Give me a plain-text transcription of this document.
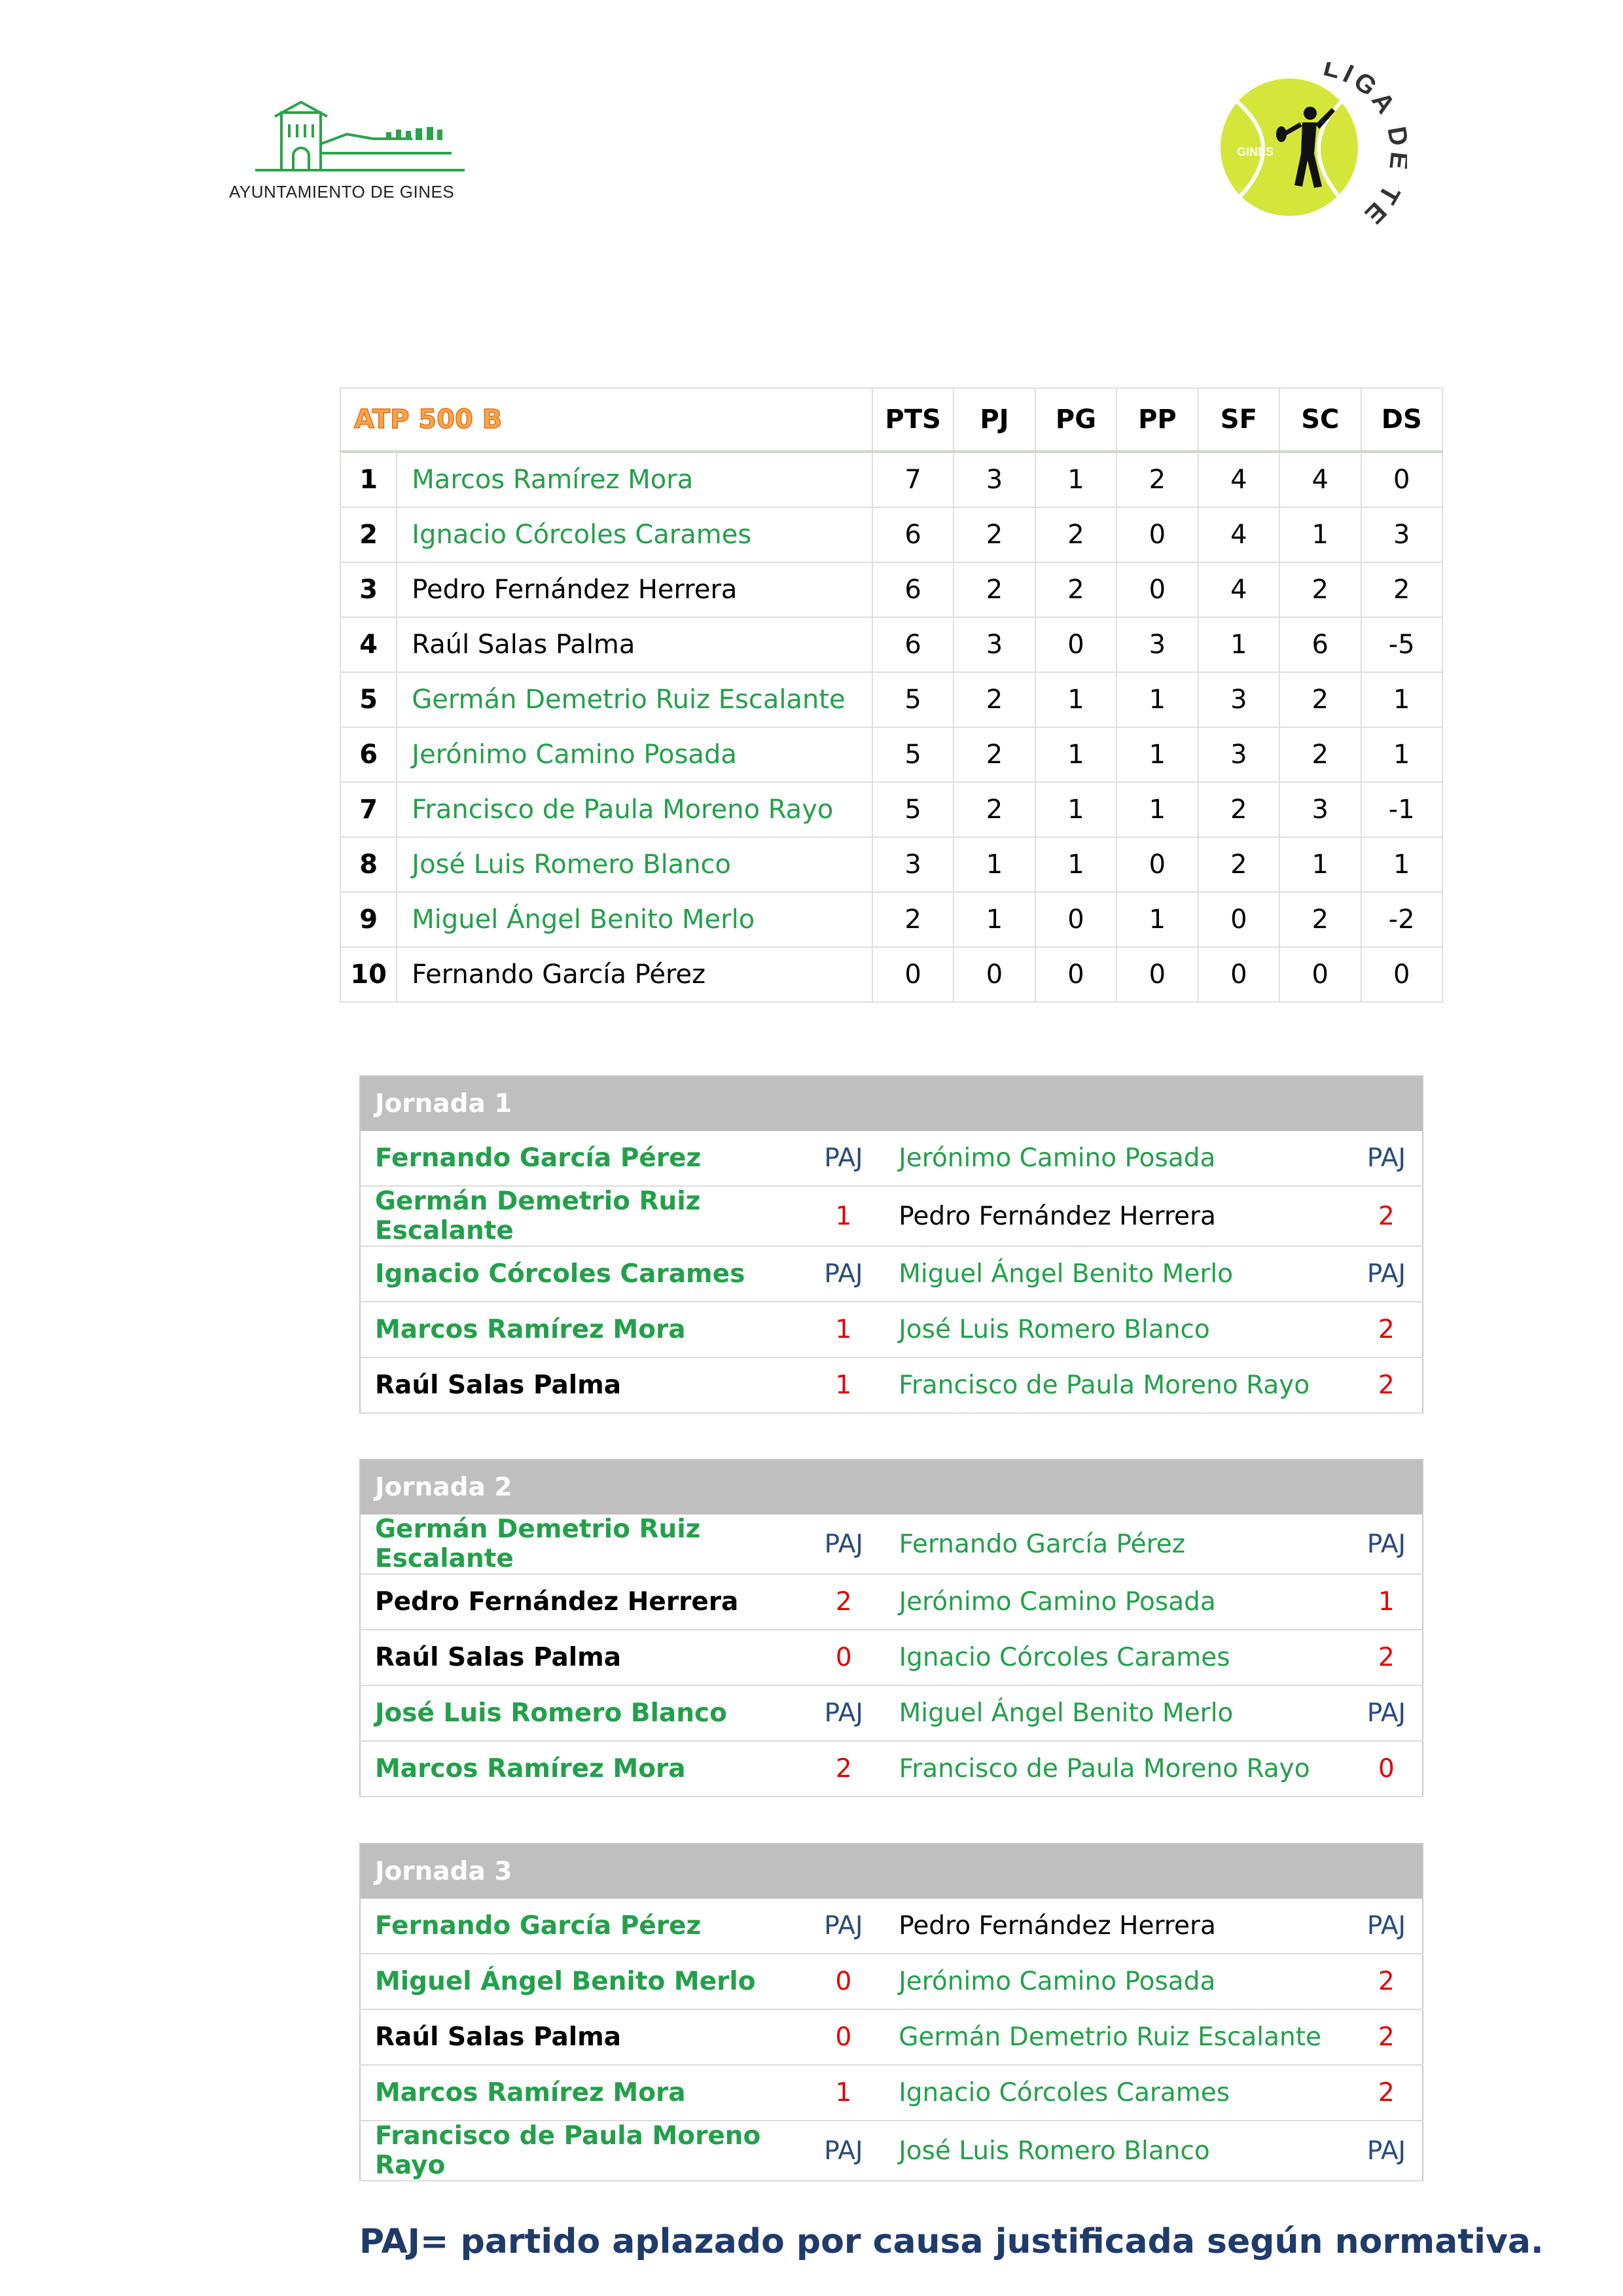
AYUNTAMIENTO DE GINES
GINES
LIGA TE
ATP 500 B		PTS	PJ	PG	PP	SF	SC	DS
1	Marcos Ramírez Mora	7	3	1	2	4	4	0
2	Ignacio Córcoles Carames	6	2	2	0	4	1	3
3	Pedro Fernández Herrera	6	2	2	0	4	2	2
4	Raúl Salas Palma	6	3	0	3	1	6	-5
5	Germán Demetrio Ruiz Escalante	5	2	1	1	3	2	1
6	Jerónimo Camino Posada	5	2	1	1	3	2	1
7	Francisco de Paula Moreno Rayo	5	2	1	1	2	3	-1
8	José Luis Romero Blanco	3	1	1	0	2	1	1
9	Miguel Ángel Benito Merlo	2	1	0	1	0	2	-2
10	Fernando García Pérez	0	0	0	0	0	0	0
Jornada 1			
Fernando García Pérez	PAJ	Jerónimo Camino Posada	PAJ
Germán Demetrio Ruiz Escalante	1	Pedro Fernández Herrera	2
Ignacio Córcoles Carames	PAJ	Miguel Ángel Benito Merlo	PAJ
Marcos Ramírez Mora	1	José Luis Romero Blanco	2
Raúl Salas Palma	1	Francisco de Paula Moreno Rayo	2
Jornada 2			
Germán Demetrio Ruiz Escalante	PAJ	Fernando García Pérez	PAJ
Pedro Fernández Herrera	2	Jerónimo Camino Posada	1
Raúl Salas Palma	0	Ignacio Córcoles Carames	2
José Luis Romero Blanco	PAJ	Miguel Ángel Benito Merlo	PAJ
Marcos Ramírez Mora	2	Francisco de Paula Moreno Rayo	0
Jornada 3			
Fernando García Pérez	PAJ	Pedro Fernández Herrera	PAJ
Miguel Ángel Benito Merlo	0	Jerónimo Camino Posada	2
Raúl Salas Palma	0	Germán Demetrio Ruiz Escalante	2
Marcos Ramírez Mora	1	Ignacio Córcoles Carames	2
Francisco de Paula Moreno Rayo	PAJ	José Luis Romero Blanco	PAJ
PAJ= partido aplazado por causa justificada según normativa.
